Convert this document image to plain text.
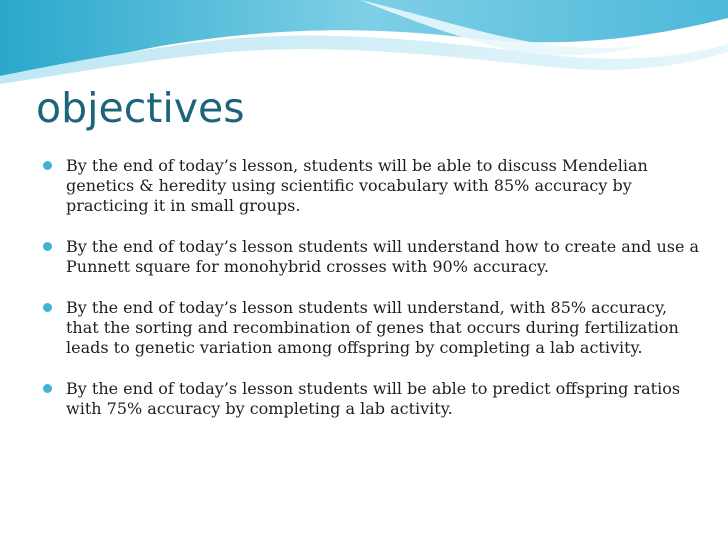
objectives
By the end of today’s lesson, students will be able to discuss Mendelian genetics & heredity using scientific vocabulary with 85% accuracy by practicing it in small groups.
By the end of today’s lesson students will understand how to create and use a Punnett square for monohybrid crosses with 90% accuracy.
By the end of today’s lesson students will understand, with 85% accuracy, that the sorting and recombination of genes that occurs during fertilization leads to genetic variation among offspring by completing a lab activity.
By the end of today’s lesson students will be able to predict offspring ratios with 75% accuracy by completing a lab activity.
